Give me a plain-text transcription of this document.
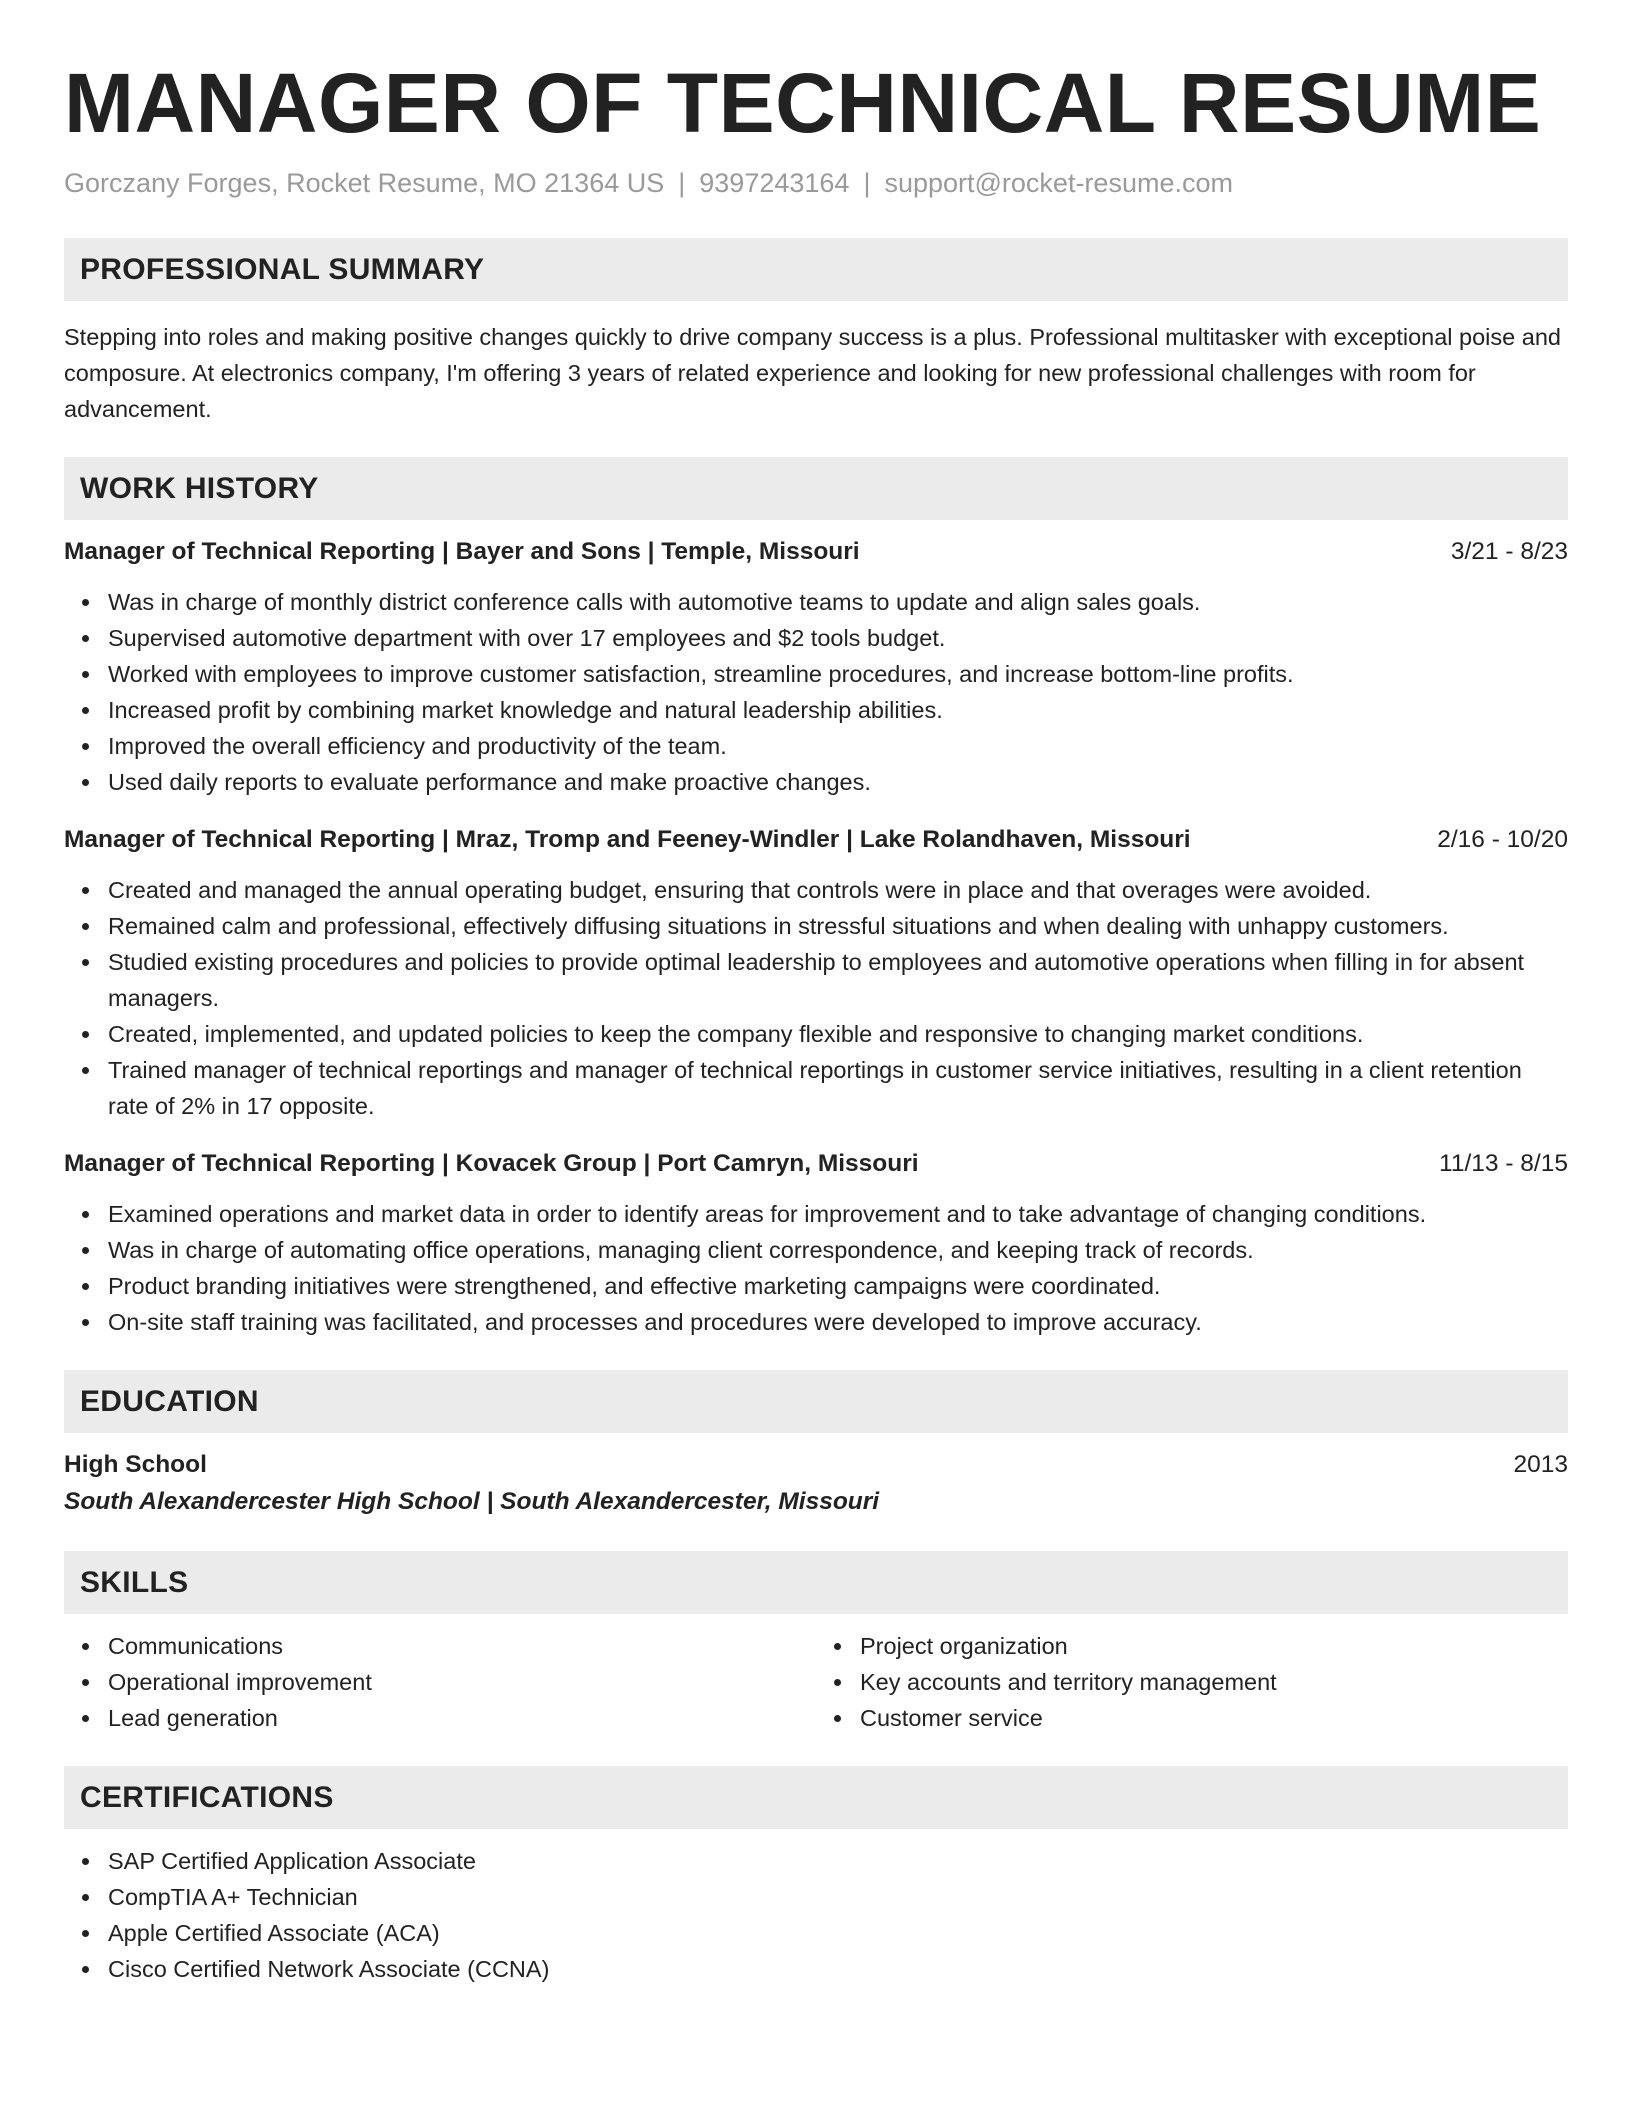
MANAGER OF TECHNICAL RESUME
Gorczany Forges, Rocket Resume, MO 21364 US | 9397243164 | support@rocket-resume.com
PROFESSIONAL SUMMARY

Stepping into roles and making positive changes quickly to drive company success is a plus. Professional multitasker with exceptional poise and composure. At electronics company, I'm offering 3 years of related experience and looking for new professional challenges with room for advancement.

WORK HISTORY
Manager of Technical Reporting | Bayer and Sons | Temple, Missouri	3/21 - 8/23
Was in charge of monthly district conference calls with automotive teams to update and align sales goals.
Supervised automotive department with over 17 employees and $2 tools budget.
Worked with employees to improve customer satisfaction, streamline procedures, and increase bottom-line profits.
Increased profit by combining market knowledge and natural leadership abilities.
Improved the overall efficiency and productivity of the team.
Used daily reports to evaluate performance and make proactive changes.
Manager of Technical Reporting | Mraz, Tromp and Feeney-Windler | Lake Rolandhaven, Missouri	2/16 - 10/20
Created and managed the annual operating budget, ensuring that controls were in place and that overages were avoided.
Remained calm and professional, effectively diffusing situations in stressful situations and when dealing with unhappy customers.
Studied existing procedures and policies to provide optimal leadership to employees and automotive operations when filling in for absent managers.
Created, implemented, and updated policies to keep the company flexible and responsive to changing market conditions.
Trained manager of technical reportings and manager of technical reportings in customer service initiatives, resulting in a client retention rate of 2% in 17 opposite.
Manager of Technical Reporting | Kovacek Group | Port Camryn, Missouri	11/13 - 8/15
Examined operations and market data in order to identify areas for improvement and to take advantage of changing conditions.
Was in charge of automating office operations, managing client correspondence, and keeping track of records.
Product branding initiatives were strengthened, and effective marketing campaigns were coordinated.
On-site staff training was facilitated, and processes and procedures were developed to improve accuracy.
EDUCATION
High School	2013
South Alexandercester High School | South Alexandercester, Missouri
SKILLS
Communications
Operational improvement
Lead generation
Project organization
Key accounts and territory management
Customer service
CERTIFICATIONS
SAP Certified Application Associate
CompTIA A+ Technician
Apple Certified Associate (ACA)
Cisco Certified Network Associate (CCNA)
